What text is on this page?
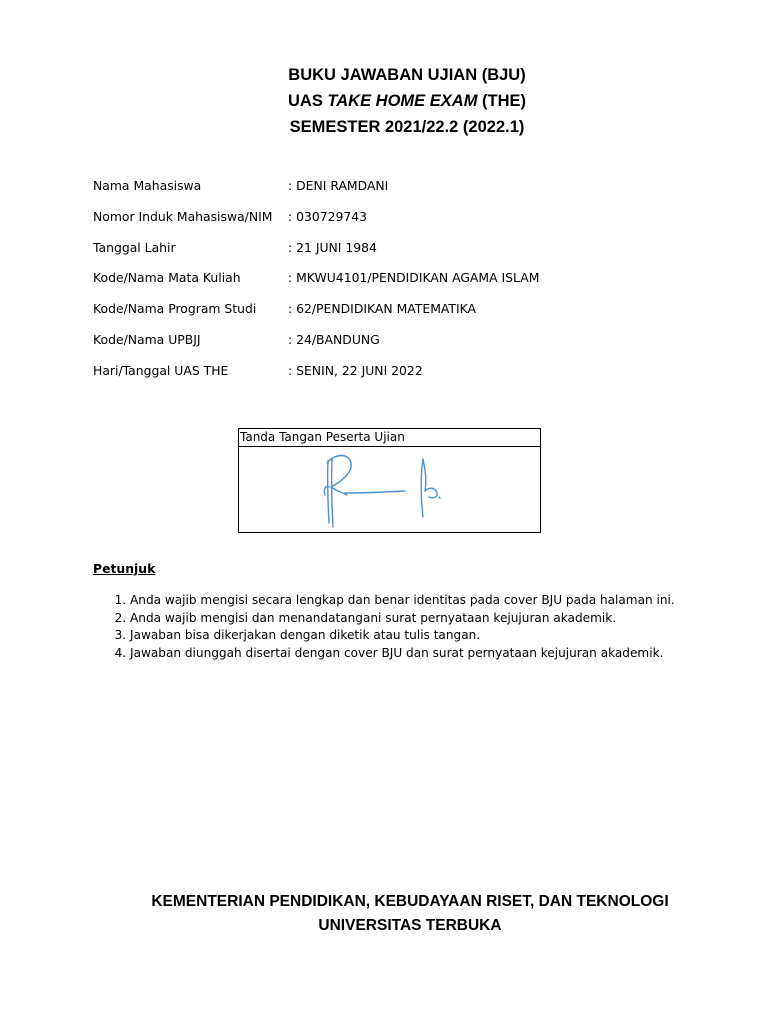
BUKU JAWABAN UJIAN (BJU)
UAS TAKE HOME EXAM (THE)
SEMESTER 2021/22.2 (2022.1)
Nama Mahasiswa	: DENI RAMDANI
Nomor Induk Mahasiswa/NIM	: 030729743
Tanggal Lahir	: 21 JUNI 1984
Kode/Nama Mata Kuliah	: MKWU4101/PENDIDIKAN AGAMA ISLAM
Kode/Nama Program Studi	: 62/PENDIDIKAN MATEMATIKA
Kode/Nama UPBJJ	: 24/BANDUNG
Hari/Tanggal UAS THE	: SENIN, 22 JUNI 2022
Tanda Tangan Peserta Ujian
Petunjuk
1. Anda wajib mengisi secara lengkap dan benar identitas pada cover BJU pada halaman ini.
2. Anda wajib mengisi dan menandatangani surat pernyataan kejujuran akademik.
3. Jawaban bisa dikerjakan dengan diketik atau tulis tangan.
4. Jawaban diunggah disertai dengan cover BJU dan surat pernyataan kejujuran akademik.
KEMENTERIAN PENDIDIKAN, KEBUDAYAAN RISET, DAN TEKNOLOGI
UNIVERSITAS TERBUKA
